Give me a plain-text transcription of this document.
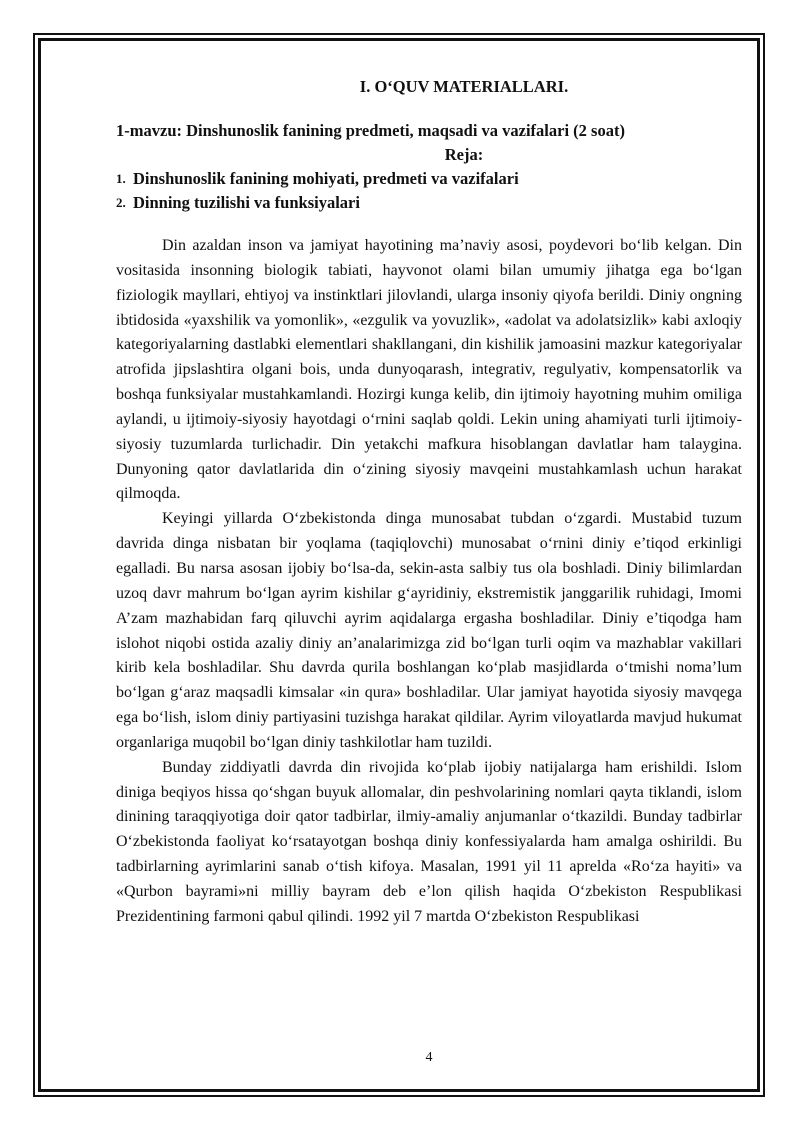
I. O‘QUV MATERIALLARI.

1-mavzu: Dinshunoslik fanining predmeti, maqsadi va vazifalari (2 soat)

Reja:

1. Dinshunoslik fanining mohiyati, predmeti va vazifalari
2. Dinning tuzilishi va funksiyalari

Din azaldan inson va jamiyat hayotining ma’naviy asosi, poydevori bo‘lib kelgan. Din vositasida insonning biologik tabiati, hayvonot olami bilan umumiy jihatga ega bo‘lgan fiziologik mayllari, ehtiyoj va instinktlari jilovlandi, ularga insoniy qiyofa berildi. Diniy ongning ibtidosida «yaxshilik va yomonlik», «ezgulik va yovuzlik», «adolat va adolatsizlik» kabi axloqiy kategoriyalarning dastlabki elementlari shakllangani, din kishilik jamoasini mazkur kategoriyalar atrofida jipslashtira olgani bois, unda dunyoqarash, integrativ, regulyativ, kompensatorlik va boshqa funksiyalar mustahkamlandi. Hozirgi kunga kelib, din ijtimoiy hayotning muhim omiliga aylandi, u ijtimoiy-siyosiy hayotdagi o‘rnini saqlab qoldi. Lekin uning ahamiyati turli ijtimoiy-siyosiy tuzumlarda turlichadir. Din yetakchi mafkura hisoblangan davlatlar ham talaygina. Dunyoning qator davlatlarida din o‘zining siyosiy mavqeini mustahkamlash uchun harakat qilmoqda.

Keyingi yillarda O‘zbekistonda dinga munosabat tubdan o‘zgardi. Mustabid tuzum davrida dinga nisbatan bir yoqlama (taqiqlovchi) munosabat o‘rnini diniy e’tiqod erkinligi egalladi. Bu narsa asosan ijobiy bo‘lsa-da, sekin-asta salbiy tus ola boshladi. Diniy bilimlardan uzoq davr mahrum bo‘lgan ayrim kishilar g‘ayridiniy, ekstremistik janggarilik ruhidagi, Imomi A’zam mazhabidan farq qiluvchi ayrim aqidalarga ergasha boshladilar. Diniy e’tiqodga ham islohot niqobi ostida azaliy diniy an’analarimizga zid bo‘lgan turli oqim va mazhablar vakillari kirib kela boshladilar. Shu davrda qurila boshlangan ko‘plab masjidlarda o‘tmishi noma’lum bo‘lgan g‘araz maqsadli kimsalar «in qura» boshladilar. Ular jamiyat hayotida siyosiy mavqega ega bo‘lish, islom diniy partiyasini tuzishga harakat qildilar. Ayrim viloyatlarda mavjud hukumat organlariga muqobil bo‘lgan diniy tashkilotlar ham tuzildi.

Bunday ziddiyatli davrda din rivojida ko‘plab ijobiy natijalarga ham erishildi. Islom diniga beqiyos hissa qo‘shgan buyuk allomalar, din peshvolarining nomlari qayta tiklandi, islom dinining taraqqiyotiga doir qator tadbirlar, ilmiy-amaliy anjumanlar o‘tkazildi. Bunday tadbirlar O‘zbekistonda faoliyat ko‘rsatayotgan boshqa diniy konfessiyalarda ham amalga oshirildi. Bu tadbirlarning ayrimlarini sanab o‘tish kifoya. Masalan, 1991 yil 11 aprelda «Ro‘za hayiti» va «Qurbon bayrami»ni milliy bayram deb e’lon qilish haqida O‘zbekiston Respublikasi Prezidentining farmoni qabul qilindi. 1992 yil 7 martda O‘zbekiston Respublikasi

4
